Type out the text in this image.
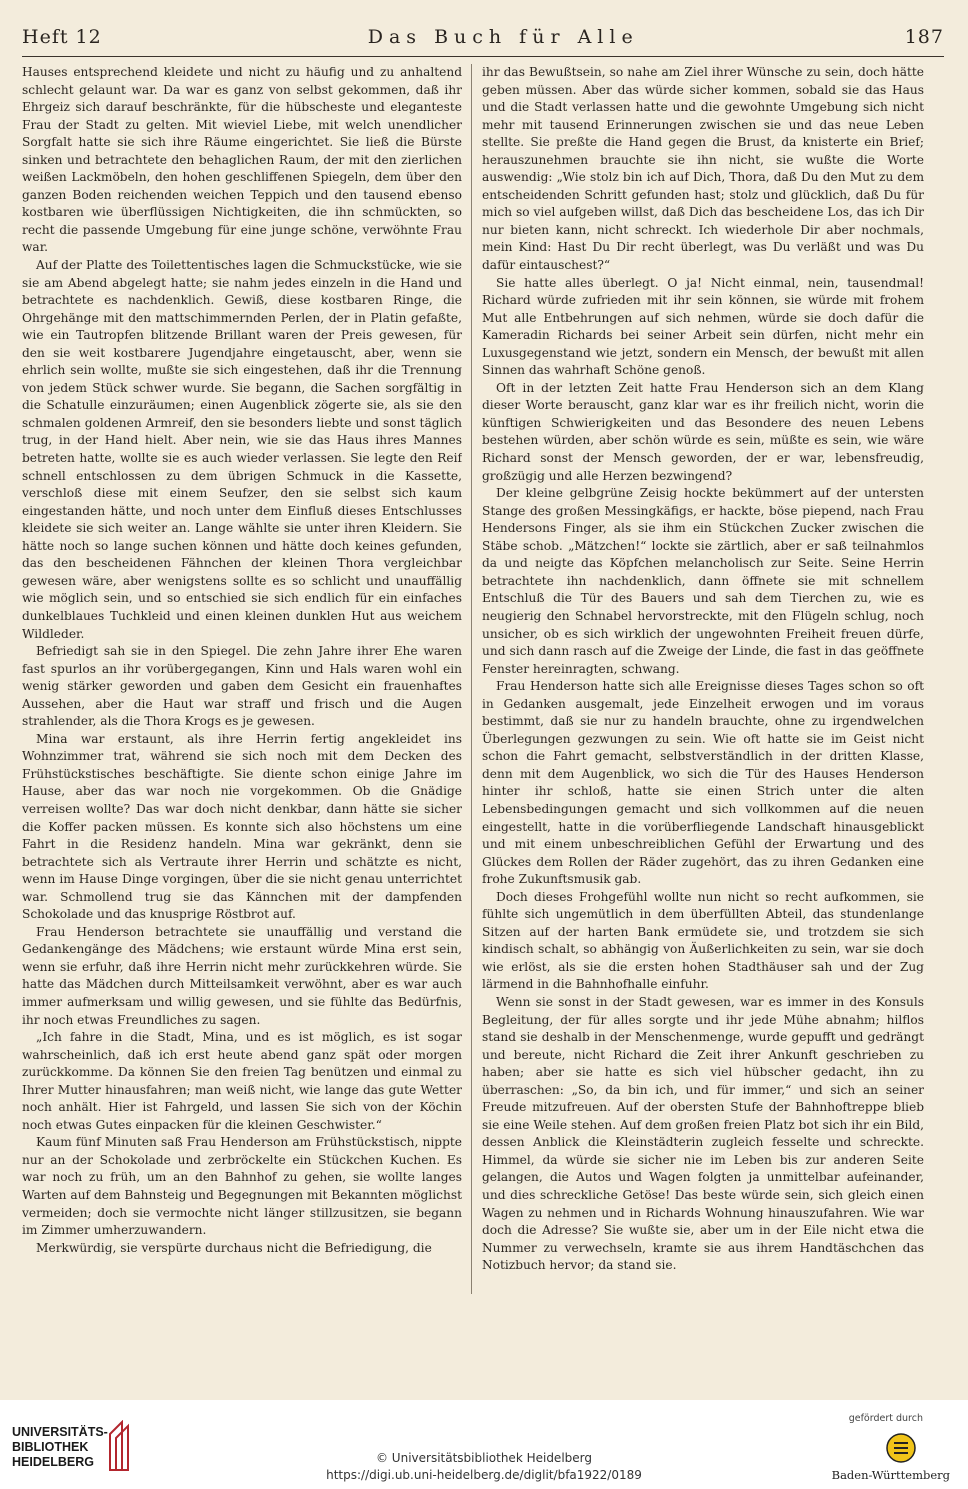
Heft 12	Das Buch für Alle	187

Hauses entsprechend kleidete und nicht zu häufig und zu anhaltend schlecht gelaunt war. Da war es ganz von selbst gekommen, daß ihr Ehrgeiz sich darauf beschränkte, für die hübscheste und eleganteste Frau der Stadt zu gelten. Mit wieviel Liebe, mit welch unendlicher Sorgfalt hatte sie sich ihre Räume eingerichtet. Sie ließ die Bürste sinken und betrachtete den behaglichen Raum, der mit den zierlichen weißen Lackmöbeln, den hohen geschliffenen Spiegeln, dem über den ganzen Boden reichenden weichen Teppich und den tausend ebenso kostbaren wie überflüssigen Nichtigkeiten, die ihn schmückten, so recht die passende Umgebung für eine junge schöne, verwöhnte Frau war.

Auf der Platte des Toilettentisches lagen die Schmuckstücke, wie sie sie am Abend abgelegt hatte; sie nahm jedes einzeln in die Hand und betrachtete es nachdenklich. Gewiß, diese kostbaren Ringe, die Ohrgehänge mit den mattschimmernden Perlen, der in Platin gefaßte, wie ein Tautropfen blitzende Brillant waren der Preis gewesen, für den sie weit kostbarere Jugendjahre eingetauscht, aber, wenn sie ehrlich sein wollte, mußte sie sich eingestehen, daß ihr die Trennung von jedem Stück schwer wurde. Sie begann, die Sachen sorgfältig in die Schatulle einzuräumen; einen Augenblick zögerte sie, als sie den schmalen goldenen Armreif, den sie besonders liebte und sonst täglich trug, in der Hand hielt. Aber nein, wie sie das Haus ihres Mannes betreten hatte, wollte sie es auch wieder verlassen. Sie legte den Reif schnell entschlossen zu dem übrigen Schmuck in die Kassette, verschloß diese mit einem Seufzer, den sie selbst sich kaum eingestanden hätte, und noch unter dem Einfluß dieses Entschlusses kleidete sie sich weiter an. Lange wählte sie unter ihren Kleidern. Sie hätte noch so lange suchen können und hätte doch keines gefunden, das den bescheidenen Fähnchen der kleinen Thora vergleichbar gewesen wäre, aber wenigstens sollte es so schlicht und unauffällig wie möglich sein, und so entschied sie sich endlich für ein einfaches dunkelblaues Tuchkleid und einen kleinen dunklen Hut aus weichem Wildleder.

Befriedigt sah sie in den Spiegel. Die zehn Jahre ihrer Ehe waren fast spurlos an ihr vorübergegangen, Kinn und Hals waren wohl ein wenig stärker geworden und gaben dem Gesicht ein frauenhaftes Aussehen, aber die Haut war straff und frisch und die Augen strahlender, als die Thora Krogs es je gewesen.

Mina war erstaunt, als ihre Herrin fertig angekleidet ins Wohnzimmer trat, während sie sich noch mit dem Decken des Frühstückstisches beschäftigte. Sie diente schon einige Jahre im Hause, aber das war noch nie vorgekommen. Ob die Gnädige verreisen wollte? Das war doch nicht denkbar, dann hätte sie sicher die Koffer packen müssen. Es konnte sich also höchstens um eine Fahrt in die Residenz handeln. Mina war gekränkt, denn sie betrachtete sich als Vertraute ihrer Herrin und schätzte es nicht, wenn im Hause Dinge vorgingen, über die sie nicht genau unterrichtet war. Schmollend trug sie das Kännchen mit der dampfenden Schokolade und das knusprige Röstbrot auf.

Frau Henderson betrachtete sie unauffällig und verstand die Gedankengänge des Mädchens; wie erstaunt würde Mina erst sein, wenn sie erfuhr, daß ihre Herrin nicht mehr zurückkehren würde. Sie hatte das Mädchen durch Mitteilsamkeit verwöhnt, aber es war auch immer aufmerksam und willig gewesen, und sie fühlte das Bedürfnis, ihr noch etwas Freundliches zu sagen.

„Ich fahre in die Stadt, Mina, und es ist möglich, es ist sogar wahrscheinlich, daß ich erst heute abend ganz spät oder morgen zurückkomme. Da können Sie den freien Tag benützen und einmal zu Ihrer Mutter hinausfahren; man weiß nicht, wie lange das gute Wetter noch anhält. Hier ist Fahrgeld, und lassen Sie sich von der Köchin noch etwas Gutes einpacken für die kleinen Geschwister.“

Kaum fünf Minuten saß Frau Henderson am Frühstückstisch, nippte nur an der Schokolade und zerbröckelte ein Stückchen Kuchen. Es war noch zu früh, um an den Bahnhof zu gehen, sie wollte langes Warten auf dem Bahnsteig und Begegnungen mit Bekannten möglichst vermeiden; doch sie vermochte nicht länger stillzusitzen, sie begann im Zimmer umherzuwandern.

Merkwürdig, sie verspürte durchaus nicht die Befriedigung, die

ihr das Bewußtsein, so nahe am Ziel ihrer Wünsche zu sein, doch hätte geben müssen. Aber das würde sicher kommen, sobald sie das Haus und die Stadt verlassen hatte und die gewohnte Umgebung sich nicht mehr mit tausend Erinnerungen zwischen sie und das neue Leben stellte. Sie preßte die Hand gegen die Brust, da knisterte ein Brief; herauszunehmen brauchte sie ihn nicht, sie wußte die Worte auswendig: „Wie stolz bin ich auf Dich, Thora, daß Du den Mut zu dem entscheidenden Schritt gefunden hast; stolz und glücklich, daß Du für mich so viel aufgeben willst, daß Dich das bescheidene Los, das ich Dir nur bieten kann, nicht schreckt. Ich wiederhole Dir aber nochmals, mein Kind: Hast Du Dir recht überlegt, was Du verläßt und was Du dafür eintauschest?“

Sie hatte alles überlegt. O ja! Nicht einmal, nein, tausendmal! Richard würde zufrieden mit ihr sein können, sie würde mit frohem Mut alle Entbehrungen auf sich nehmen, würde sie doch dafür die Kameradin Richards bei seiner Arbeit sein dürfen, nicht mehr ein Luxusgegenstand wie jetzt, sondern ein Mensch, der bewußt mit allen Sinnen das wahrhaft Schöne genoß.

Oft in der letzten Zeit hatte Frau Henderson sich an dem Klang dieser Worte berauscht, ganz klar war es ihr freilich nicht, worin die künftigen Schwierigkeiten und das Besondere des neuen Lebens bestehen würden, aber schön würde es sein, müßte es sein, wie wäre Richard sonst der Mensch geworden, der er war, lebensfreudig, großzügig und alle Herzen bezwingend?

Der kleine gelbgrüne Zeisig hockte bekümmert auf der untersten Stange des großen Messingkäfigs, er hackte, böse piepend, nach Frau Hendersons Finger, als sie ihm ein Stückchen Zucker zwischen die Stäbe schob. „Mätzchen!“ lockte sie zärtlich, aber er saß teilnahmlos da und neigte das Köpfchen melancholisch zur Seite. Seine Herrin betrachtete ihn nachdenklich, dann öffnete sie mit schnellem Entschluß die Tür des Bauers und sah dem Tierchen zu, wie es neugierig den Schnabel hervorstreckte, mit den Flügeln schlug, noch unsicher, ob es sich wirklich der ungewohnten Freiheit freuen dürfe, und sich dann rasch auf die Zweige der Linde, die fast in das geöffnete Fenster hereinragten, schwang.

Frau Henderson hatte sich alle Ereignisse dieses Tages schon so oft in Gedanken ausgemalt, jede Einzelheit erwogen und im voraus bestimmt, daß sie nur zu handeln brauchte, ohne zu irgendwelchen Überlegungen gezwungen zu sein. Wie oft hatte sie im Geist nicht schon die Fahrt gemacht, selbstverständlich in der dritten Klasse, denn mit dem Augenblick, wo sich die Tür des Hauses Henderson hinter ihr schloß, hatte sie einen Strich unter die alten Lebensbedingungen gemacht und sich vollkommen auf die neuen eingestellt, hatte in die vorüberfliegende Landschaft hinausgeblickt und mit einem unbeschreiblichen Gefühl der Erwartung und des Glückes dem Rollen der Räder zugehört, das zu ihren Gedanken eine frohe Zukunftsmusik gab.

Doch dieses Frohgefühl wollte nun nicht so recht aufkommen, sie fühlte sich ungemütlich in dem überfüllten Abteil, das stundenlange Sitzen auf der harten Bank ermüdete sie, und trotzdem sie sich kindisch schalt, so abhängig von Äußerlichkeiten zu sein, war sie doch wie erlöst, als sie die ersten hohen Stadthäuser sah und der Zug lärmend in die Bahnhofhalle einfuhr.

Wenn sie sonst in der Stadt gewesen, war es immer in des Konsuls Begleitung, der für alles sorgte und ihr jede Mühe abnahm; hilflos stand sie deshalb in der Menschenmenge, wurde gepufft und gedrängt und bereute, nicht Richard die Zeit ihrer Ankunft geschrieben zu haben; aber sie hatte es sich viel hübscher gedacht, ihn zu überraschen: „So, da bin ich, und für immer,“ und sich an seiner Freude mitzufreuen. Auf der obersten Stufe der Bahnhoftreppe blieb sie eine Weile stehen. Auf dem großen freien Platz bot sich ihr ein Bild, dessen Anblick die Kleinstädterin zugleich fesselte und schreckte. Himmel, da würde sie sicher nie im Leben bis zur anderen Seite gelangen, die Autos und Wagen folgten ja unmittelbar aufeinander, und dies schreckliche Getöse! Das beste würde sein, sich gleich einen Wagen zu nehmen und in Richards Wohnung hinauszufahren. Wie war doch die Adresse? Sie wußte sie, aber um in der Eile nicht etwa die Nummer zu verwechseln, kramte sie aus ihrem Handtäschchen das Notizbuch hervor; da stand sie.

UNIVERSITÄTS-
BIBLIOTHEK
HEIDELBERG	© Universitätsbibliothek Heidelberg
https://digi.ub.uni-heidelberg.de/diglit/bfa1922/0189
gefördert durch
Baden-Württemberg
